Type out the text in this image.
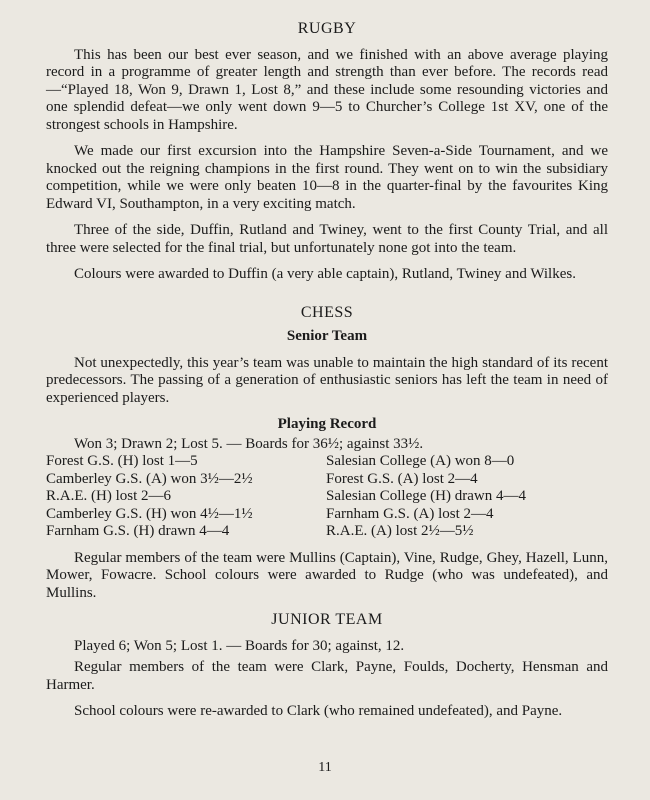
RUGBY

This has been our best ever season, and we finished with an above average playing record in a programme of greater length and strength than ever before. The records read—“Played 18, Won 9, Drawn 1, Lost 8,” and these include some resounding victories and one splendid defeat—we only went down 9—5 to Churcher’s College 1st XV, one of the strongest schools in Hampshire.

We made our first excursion into the Hampshire Seven-a-Side Tournament, and we knocked out the reigning champions in the first round. They went on to win the subsidiary competition, while we were only beaten 10—8 in the quarter-final by the favourites King Edward VI, Southampton, in a very exciting match.

Three of the side, Duffin, Rutland and Twiney, went to the first County Trial, and all three were selected for the final trial, but unfortunately none got into the team.

Colours were awarded to Duffin (a very able captain), Rutland, Twiney and Wilkes.

CHESS
Senior Team

Not unexpectedly, this year’s team was unable to maintain the high standard of its recent predecessors. The passing of a generation of enthusiastic seniors has left the team in need of experienced players.

Playing Record

Won 3; Drawn 2; Lost 5. — Boards for 36½; against 33½.

Forest G.S. (H) lost 1—5
Camberley G.S. (A) won 3½—2½
R.A.E. (H) lost 2—6
Camberley G.S. (H) won 4½—1½
Farnham G.S. (H) drawn 4—4
Salesian College (A) won 8—0
Forest G.S. (A) lost 2—4
Salesian College (H) drawn 4—4
Farnham G.S. (A) lost 2—4
R.A.E. (A) lost 2½—5½

Regular members of the team were Mullins (Captain), Vine, Rudge, Ghey, Hazell, Lunn, Mower, Fowacre. School colours were awarded to Rudge (who was undefeated), and Mullins.

JUNIOR TEAM

Played 6; Won 5; Lost 1. — Boards for 30; against, 12.

Regular members of the team were Clark, Payne, Foulds, Docherty, Hensman and Harmer.

School colours were re-awarded to Clark (who remained undefeated), and Payne.

11
